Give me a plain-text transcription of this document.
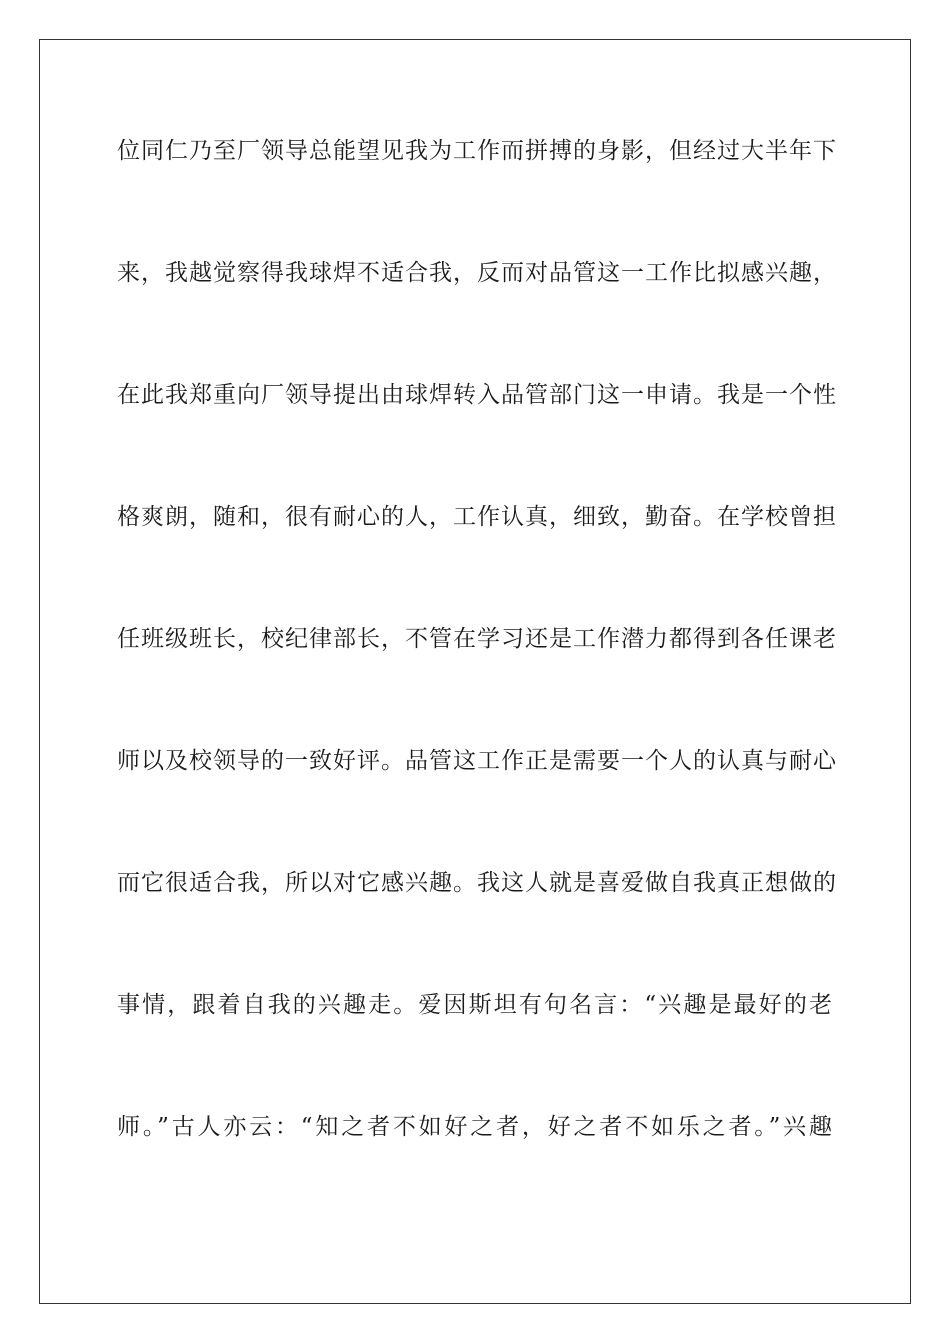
位同仁乃至厂领导总能望见我为工作而拼搏的身影，但经过大半年下
来，我越觉察得我球焊不适合我，反而对品管这一工作比拟感兴趣，
在此我郑重向厂领导提出由球焊转入品管部门这一申请。我是一个性
格爽朗，随和，很有耐心的人，工作认真，细致，勤奋。在学校曾担
任班级班长，校纪律部长，不管在学习还是工作潜力都得到各任课老
师以及校领导的一致好评。品管这工作正是需要一个人的认真与耐心
而它很适合我，所以对它感兴趣。我这人就是喜爱做自我真正想做的
事情，跟着自我的兴趣走。爱因斯坦有句名言：“兴趣是最好的老
师。”古人亦云：“知之者不如好之者，好之者不如乐之者。”兴趣
